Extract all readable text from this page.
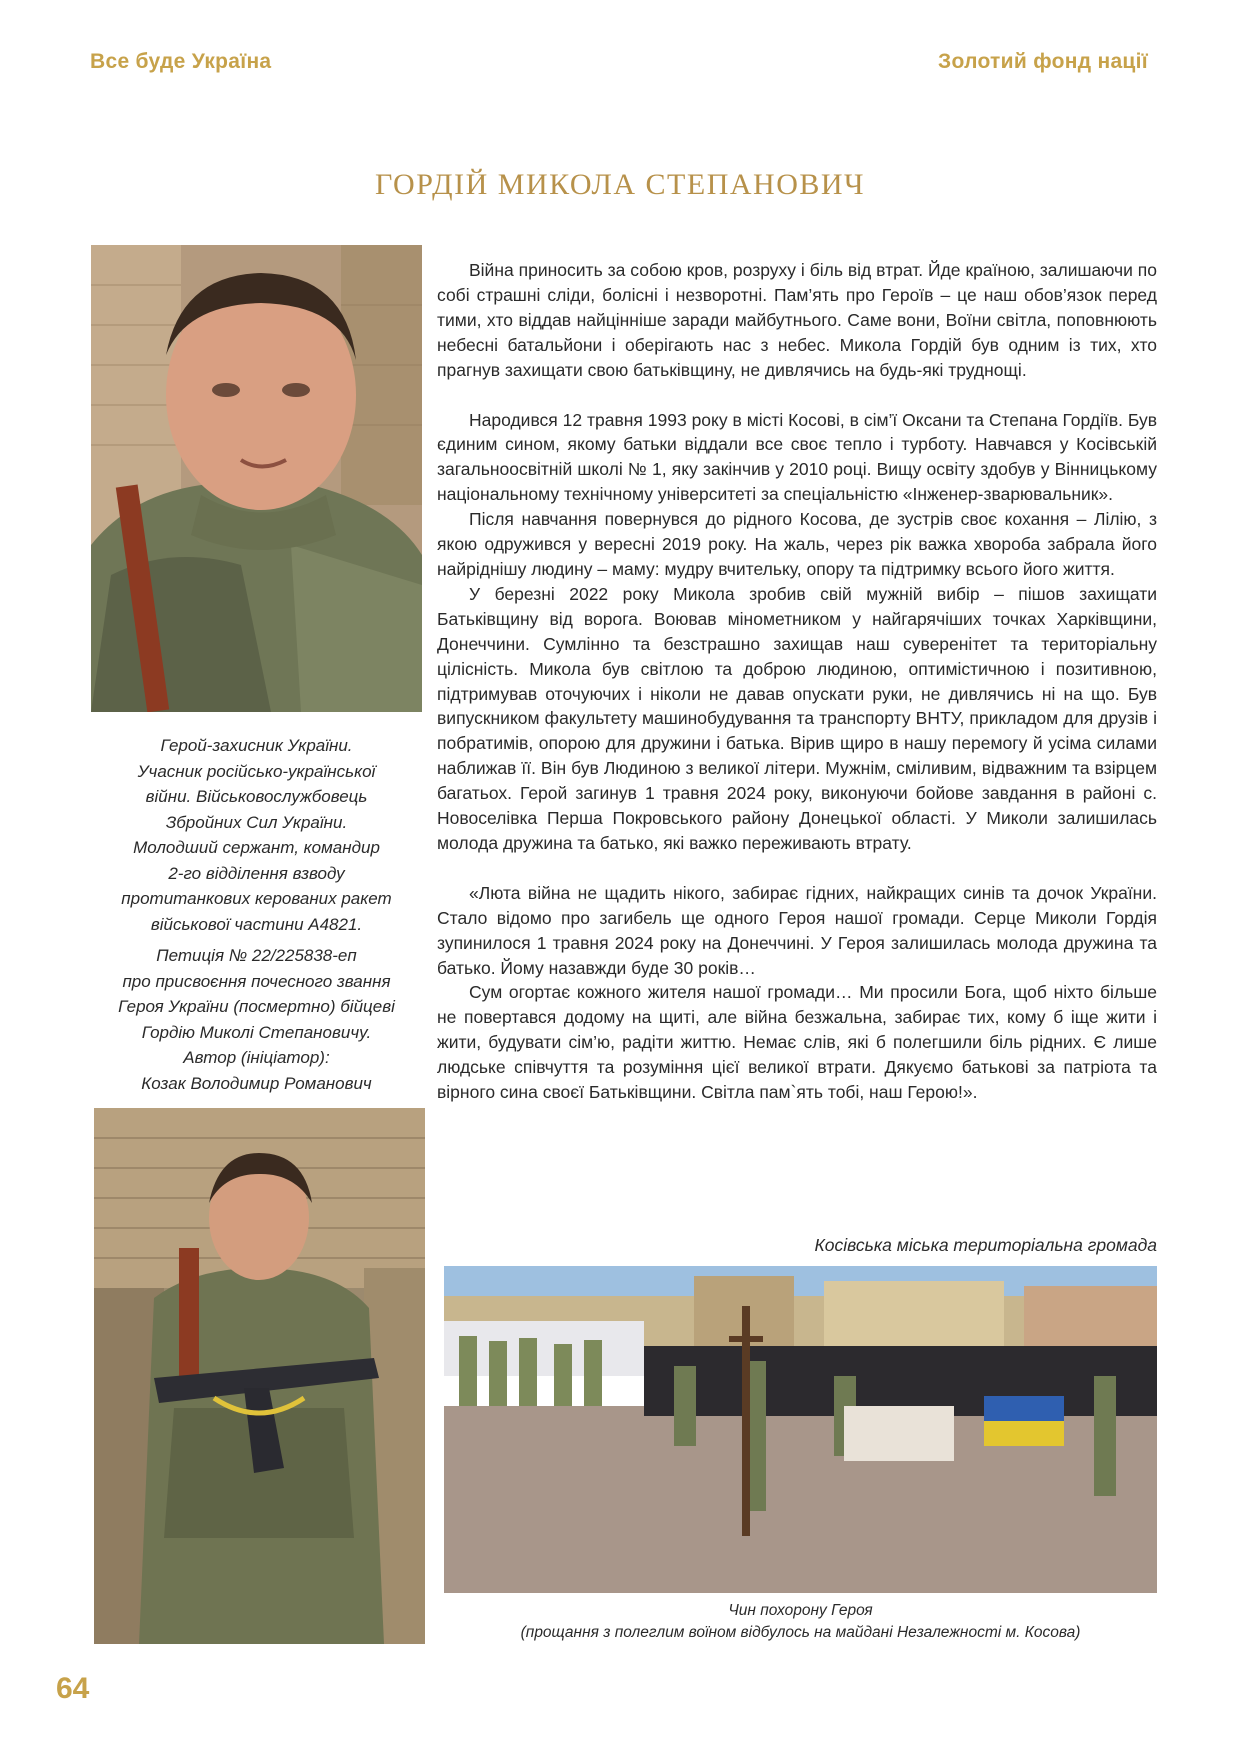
Все буде Україна	Золотий фонд нації
ГОРДІЙ МИКОЛА СТЕПАНОВИЧ

Герой-захисник України.

Учасник російсько-української

війни. Військовослужбовець

Збройних Сил України.

Молодший сержант, командир

2-го відділення взводу

протитанкових керованих ракет

військової частини А4821.

Петиція № 22/225838-еп

про присвоєння почесного звання

Героя України (посмертно) бійцеві

Гордію Миколі Степановичу.

Автор (ініціатор):

Козак Володимир Романович

Війна приносить за собою кров, розруху і біль від втрат. Йде країною, залишаючи по собі страшні сліди, болісні і незворотні. Пам’ять про Героїв – це наш обов’язок перед тими, хто віддав найцінніше заради майбутнього. Саме вони, Воїни світла, поповнюють небесні батальйони і оберігають нас з небес. Микола Гордій був одним із тих, хто прагнув захищати свою батьківщину, не дивлячись на будь-які труднощі.

Народився 12 травня 1993 року в місті Косові, в сім’ї Оксани та Степана Гордіїв. Був єдиним сином, якому батьки віддали все своє тепло і турботу. Навчався у Косівській загальноосвітній школі № 1, яку закінчив у 2010 році. Вищу освіту здобув у Вінницькому національному технічному університеті за спеціальністю «Інженер-зварювальник».

Після навчання повернувся до рідного Косова, де зустрів своє кохання – Лілію, з якою одружився у вересні 2019 року. На жаль, через рік важка хвороба забрала його найріднішу людину – маму: мудру вчительку, опору та підтримку всього його життя.

У березні 2022 року Микола зробив свій мужній вибір – пішов захищати Батьківщину від ворога. Воював мінометником у найгарячіших точках Харківщини, Донеччини. Сумлінно та безстрашно захищав наш суверенітет та територіальну цілісність. Микола був світлою та доброю людиною, оптимістичною і позитивною, підтримував оточуючих і ніколи не давав опускати руки, не дивлячись ні на що. Був випускником факультету машинобудування та транспорту ВНТУ, прикладом для друзів і побратимів, опорою для дружини і батька. Вірив щиро в нашу перемогу й усіма силами наближав її. Він був Людиною з великої літери. Мужнім, сміливим, відважним та взірцем багатьох. Герой загинув 1 травня 2024 року, виконуючи бойове завдання в районі с. Новоселівка Перша Покровського району Донецької області. У Миколи залишилась молода дружина та батько, які важко переживають втрату.

«Люта війна не щадить нікого, забирає гідних, найкращих синів та дочок України. Стало відомо про загибель ще одного Героя нашої громади. Серце Миколи Гордія зупинилося 1 травня 2024 року на Донеччині. У Героя залишилась молода дружина та батько. Йому назавжди буде 30 років…

Сум огортає кожного жителя нашої громади… Ми просили Бога, щоб ніхто більше не повертався додому на щиті, але війна безжальна, забирає тих, кому б іще жити і жити, будувати сім’ю, радіти життю. Немає слів, які б полегшили біль рідних. Є лише людське співчуття та розуміння цієї великої втрати. Дякуємо батькові за патріота та вірного сина своєї Батьківщини. Світла пам`ять тобі, наш Герою!».

Косівська міська територіальна громада
Чин похорону Героя
(прощання з полеглим воїном відбулось на майдані Незалежності м. Косова)
64
